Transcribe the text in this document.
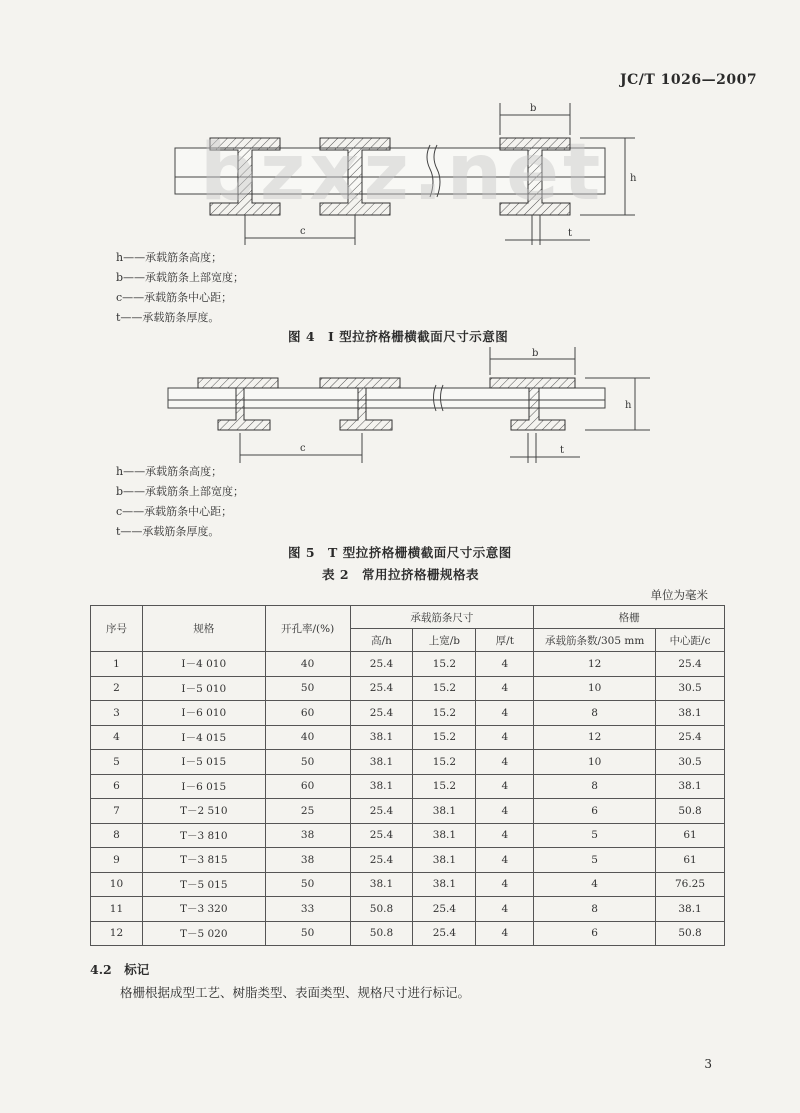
JC/T 1026—2007
b
h
c	t
bzxz.net
h——承载筋条高度；
b——承载筋条上部宽度；
c——承载筋条中心距；
t——承载筋条厚度。
图 4　I 型拉挤格栅横截面尺寸示意图
b
h
c	t
h——承载筋条高度；
b——承载筋条上部宽度；
c——承载筋条中心距；
t——承载筋条厚度。
图 5　T 型拉挤格栅横截面尺寸示意图
表 2　常用拉挤格栅规格表
单位为毫米
序号	规格	开孔率/(%)	承载筋条尺寸			格栅	
			高/h	上宽/b	厚/t	承载筋条数/305 mm	中心距/c
1	Ⅰ－4 010	40	25.4	15.2	4	12	25.4
2	Ⅰ－5 010	50	25.4	15.2	4	10	30.5
3	Ⅰ－6 010	60	25.4	15.2	4	8	38.1
4	Ⅰ－4 015	40	38.1	15.2	4	12	25.4
5	Ⅰ－5 015	50	38.1	15.2	4	10	30.5
6	Ⅰ－6 015	60	38.1	15.2	4	8	38.1
7	T－2 510	25	25.4	38.1	4	6	50.8
8	T－3 810	38	25.4	38.1	4	5	61
9	T－3 815	38	25.4	38.1	4	5	61
10	T－5 015	50	38.1	38.1	4	4	76.25
11	T－3 320	33	50.8	25.4	4	8	38.1
12	T－5 020	50	50.8	25.4	4	6	50.8
4.2　标记
格栅根据成型工艺、树脂类型、表面类型、规格尺寸进行标记。
3
